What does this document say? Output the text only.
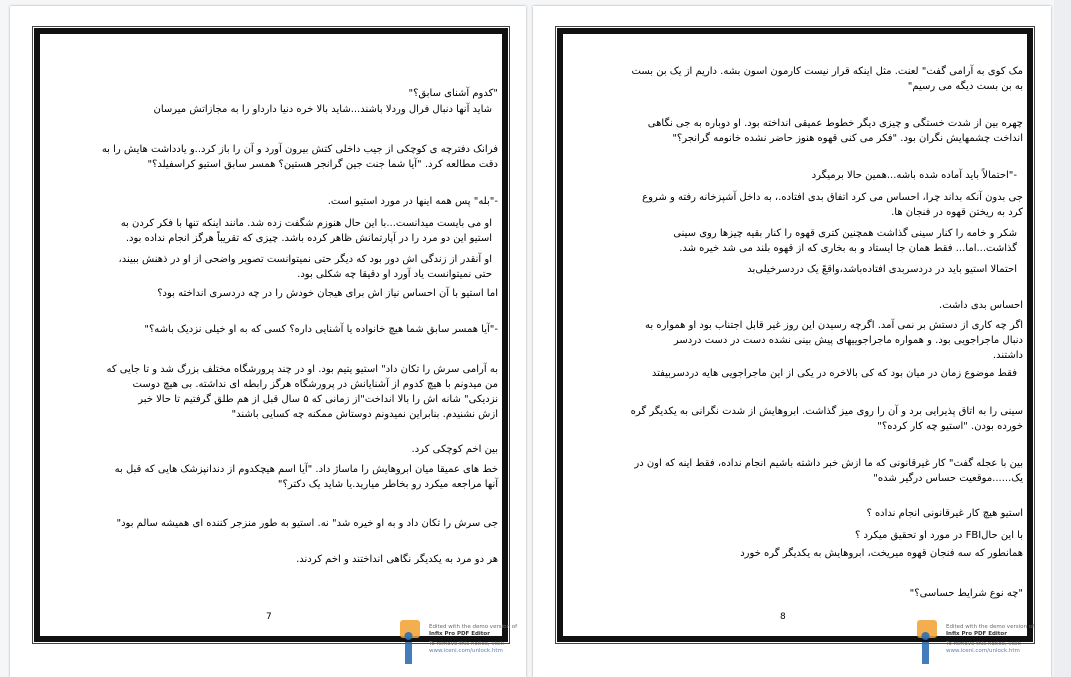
"کدوم آشنای سابق؟"

شاید آنها دنبال فرال وردلا باشند...شاید بالا خره دنیا دارداو را به مجازاتش میرسان

فرانک دفترچه ی کوچکی از جیب داخلی کتش بیرون آورد و آن را باز کرد..و یادداشت هایش را به
دقت مطالعه کرد. "آیا شما جنت جین گرانجر هستین؟ همسر سابق استیو کراسفیلد؟"

-"بله" پس همه اینها در مورد استیو است.

او می بایست میدانست...با این حال هنوزم شگفت زده شد. مانند اینکه تنها با فکر کردن به
استیو این دو مرد را در آپارتمانش ظاهر کرده باشد. چیزی که تقریباً هرگز انجام نداده بود.

او آنقدر از زندگی اش دور بود که دیگر حتی نمیتوانست تصویر واضحی از او در ذهنش ببیند،
حتی نمیتوانست یاد آورد او دقیقا چه شکلی بود.

اما استیو با آن احساس نیاز اش برای هیجان خودش را در چه دردسری انداخته بود؟

-"آیا همسر سابق شما هیچ خانواده یا آشنایی داره؟ کسی که به او خیلی نزدیک باشه؟"

به آرامی سرش را تکان داد" استیو یتیم بود. او در چند پرورشگاه مختلف بزرگ شد و تا جایی که
من میدونم با هیچ کدوم از آشنایانش در پرورشگاه هرگز رابطه ای نداشته. بی هیچ دوست
نزدیکی" شانه اش را بالا انداخت"از زمانی که ۵ سال قبل از هم طلق گرفتیم تا حالا خبر
ازش نشنیدم. بنابراین نمیدونم دوستاش ممکنه چه کسایی باشند"

بین اخم کوچکی کرد.

خط های عمیقا میان ابروهایش را ماساژ داد. "آیا اسم هیچکدوم از دندانپزشک هایی که قبل به
آنها مراجعه میکرد رو بخاطر میارید.یا شاید یک دکتر؟"

جی سرش را تکان داد و به او خیره شد" نه. استیو به طور منزجر کننده ای همیشه سالم بود"

هر دو مرد به یکدیگر نگاهی انداختند و اخم کردند.

7
Edited with the demo version of
Infix Pro PDF Editor
To remove this notice, visit:
www.iceni.com/unlock.htm

مک کوی به آرامی گفت" لعنت. مثل اینکه قرار نیست کارمون اسون بشه. داریم از یک بن بست
به بن بست دیگه می رسیم"

چهره بین از شدت خستگی و چیزی دیگر خطوط عمیقی انداخته بود. او دوباره به جی نگاهی
انداخت چشمهایش نگران بود. "فکر می کنی قهوه هنوز حاضر نشده خانومه گرانجر؟"

-"احتمالاً باید آماده شده باشه...همین حالا برمیگرد

جی بدون آنکه بداند چرا، احساس می کرد اتفاق بدی افتاده.، به داخل آشپزخانه رفته و شروع
کرد به ریختن قهوه در فنجان ها.

شکر و خامه را کنار سینی گذاشت همچنین کتری قهوه را کنار بقیه چیزها روی سینی
گذاشت...اما... فقط همان جا ایستاد و به بخاری که از قهوه بلند می شد خیره شد.

احتمالا استیو باید در دردسربدی افتاده‌باشد،واقعً یک دردسرخیلی‌بد

احساس بدی داشت.

اگر چه کاری از دستش بر نمی آمد. اگرچه رسیدن این روز غیر قابل اجتناب بود او همواره به
دنبال ماجراجویی بود. و همواره ماجراجوییهای پیش بینی نشده دست در دست دردسر
داشتند.

فقط موضوع زمان در میان بود که کی بالاخره در یکی از این ماجراجویی هایه دردسربیفتد

سینی را به اتاق پذیرایی برد و آن را روی میز گذاشت. ابروهایش از شدت نگرانی به یکدیگر گره
خورده بودن. "استیو چه کار کرده؟"

بین با عجله گفت" کار غیرقانونی که ما ازش خبر داشته باشیم انجام نداده، فقط اینه که اون در
یک......موقعیت حساس درگیر شده"

استیو هیچ کار غیرقانونی انجام نداده ؟

با این حالFBI در مورد او تحقیق میکرد ؟

همانطور که سه فنجان قهوه میریخت، ابروهایش به یکدیگر گره خورد

"چه نوع شرایط حساسی؟"

8
Edited with the demo version of
Infix Pro PDF Editor
To remove this notice, visit:
www.iceni.com/unlock.htm
